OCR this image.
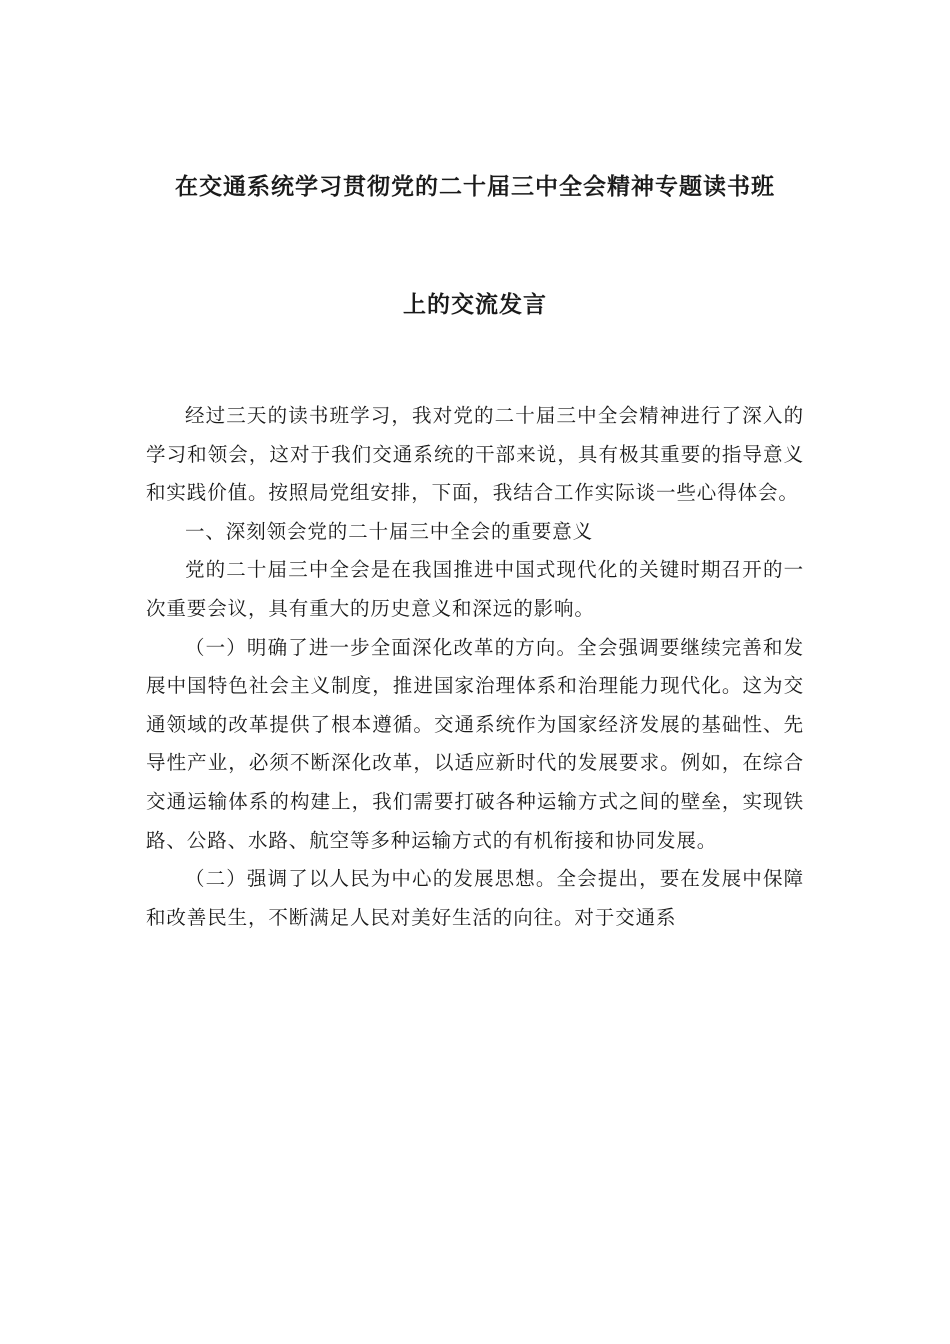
在交通系统学习贯彻党的二十届三中全会精神专题读书班
上的交流发言

经过三天的读书班学习，我对党的二十届三中全会精神进行了深入的学习和领会，这对于我们交通系统的干部来说，具有极其重要的指导意义和实践价值。按照局党组安排，下面，我结合工作实际谈一些心得体会。

一、深刻领会党的二十届三中全会的重要意义

党的二十届三中全会是在我国推进中国式现代化的关键时期召开的一次重要会议，具有重大的历史意义和深远的影响。

（一）明确了进一步全面深化改革的方向。全会强调要继续完善和发展中国特色社会主义制度，推进国家治理体系和治理能力现代化。这为交通领域的改革提供了根本遵循。交通系统作为国家经济发展的基础性、先导性产业，必须不断深化改革，以适应新时代的发展要求。例如，在综合交通运输体系的构建上，我们需要打破各种运输方式之间的壁垒，实现铁路、公路、水路、航空等多种运输方式的有机衔接和协同发展。

（二）强调了以人民为中心的发展思想。全会提出，要在发展中保障和改善民生，不断满足人民对美好生活的向往。对于交通系
